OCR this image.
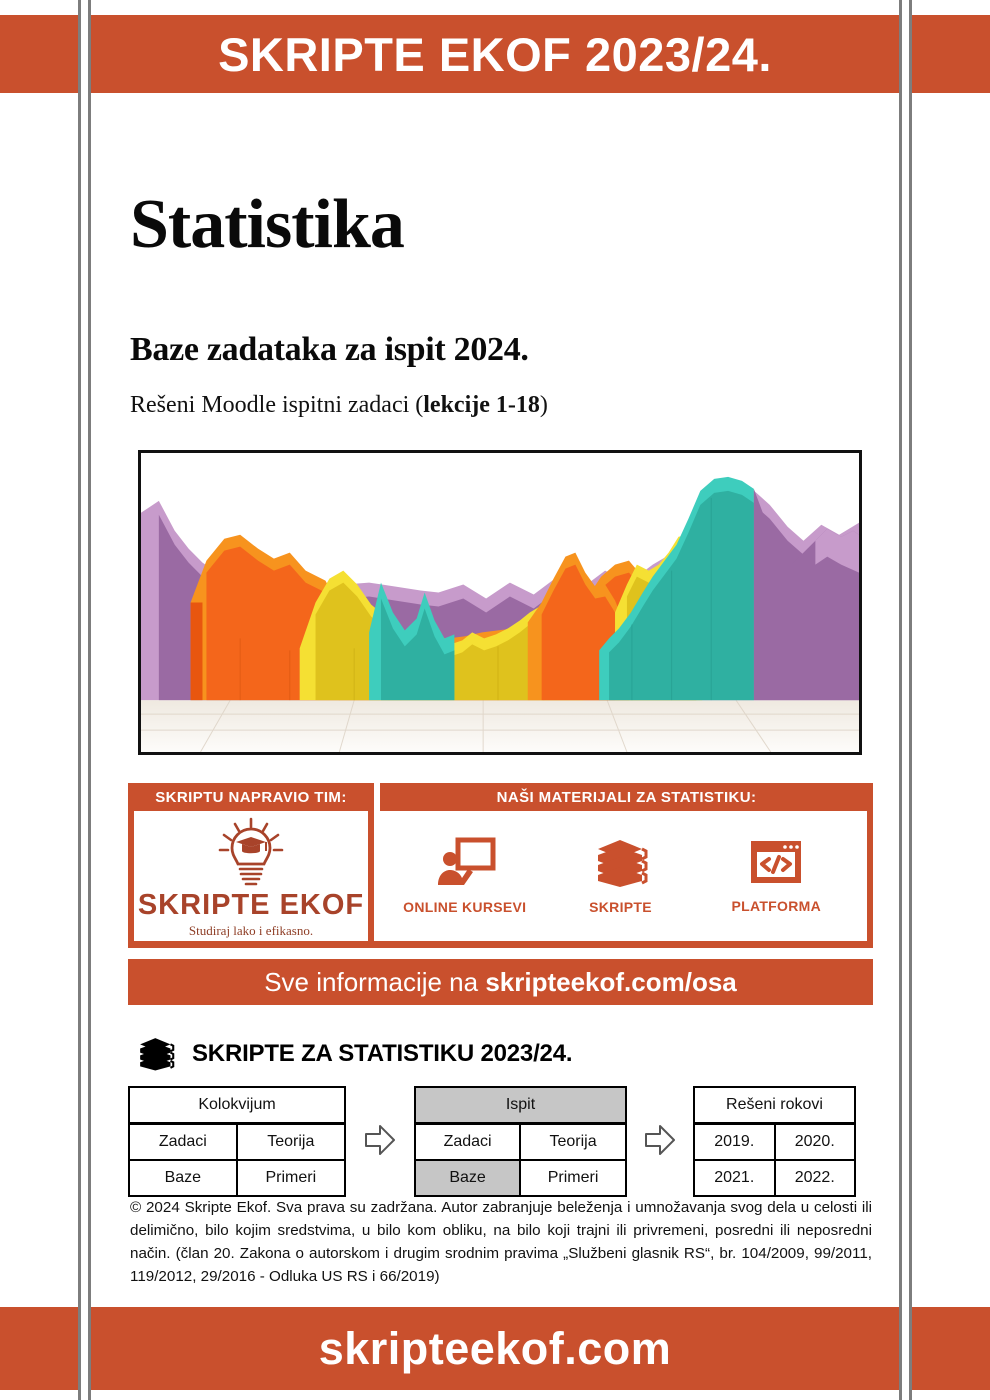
SKRIPTE EKOF 2023/24.
Statistika
Baze zadataka za ispit 2024.
Rešeni Moodle ispitni zadaci (lekcije 1-18)
SKRIPTU NAPRAVIO TIM:	NAŠI MATERIJALI ZA STATISTIKU:
SKRIPTE EKOF
Studiraj lako i efikasno.
ONLINE KURSEVI	SKRIPTE	PLATFORMA
Sve informacije na skripteekof.com/osa
SKRIPTE ZA STATISTIKU 2023/24.
Kolokvijum	
Zadaci	Teorija
Baze	Primeri
Ispit	
Zadaci	Teorija
Baze	Primeri
Rešeni rokovi	
2019.	2020.
2021.	2022.
© 2024 Skripte Ekof. Sva prava su zadržana. Autor zabranjuje beleženja i umnožavanja svog dela u celosti ili delimično, bilo kojim sredstvima, u bilo kom obliku, na bilo koji trajni ili privremeni, posredni ili neposredni način. (član 20. Zakona o autorskom i drugim srodnim pravima „Službeni glasnik RS“, br. 104/2009, 99/2011, 119/2012, 29/2016 - Odluka US RS i 66/2019)
skripteekof.com
